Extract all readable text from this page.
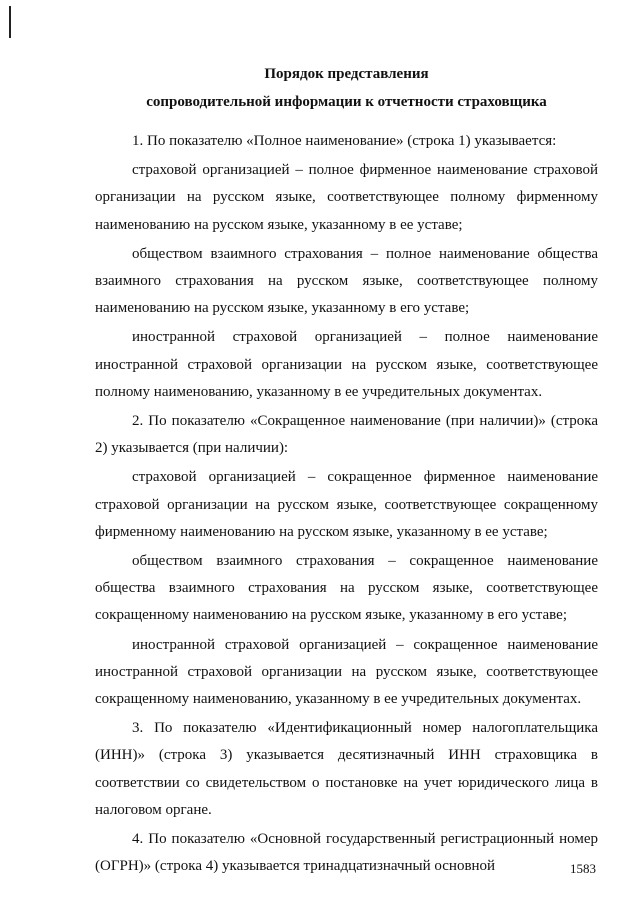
Порядок представления

сопроводительной информации к отчетности страховщика

1. По показателю «Полное наименование» (строка 1) указывается:

страховой организацией – полное фирменное наименование страховой организации на русском языке, соответствующее полному фирменному наименованию на русском языке, указанному в ее уставе;

обществом взаимного страхования – полное наименование общества взаимного страхования на русском языке, соответствующее полному наименованию на русском языке, указанному в его уставе;

иностранной страховой организацией – полное наименование иностранной страховой организации на русском языке, соответствующее полному наименованию, указанному в ее учредительных документах.

2. По показателю «Сокращенное наименование (при наличии)» (строка 2) указывается (при наличии):

страховой организацией – сокращенное фирменное наименование страховой организации на русском языке, соответствующее сокращенному фирменному наименованию на русском языке, указанному в ее уставе;

обществом взаимного страхования – сокращенное наименование общества взаимного страхования на русском языке, соответствующее сокращенному наименованию на русском языке, указанному в его уставе;

иностранной страховой организацией – сокращенное наименование иностранной страховой организации на русском языке, соответствующее сокращенному наименованию, указанному в ее учредительных документах.

3. По показателю «Идентификационный номер налогоплательщика (ИНН)» (строка 3) указывается десятизначный ИНН страховщика в соответствии со свидетельством о постановке на учет юридического лица в налоговом органе.

4. По показателю «Основной государственный регистрационный номер (ОГРН)» (строка 4) указывается тринадцатизначный основной	1583
